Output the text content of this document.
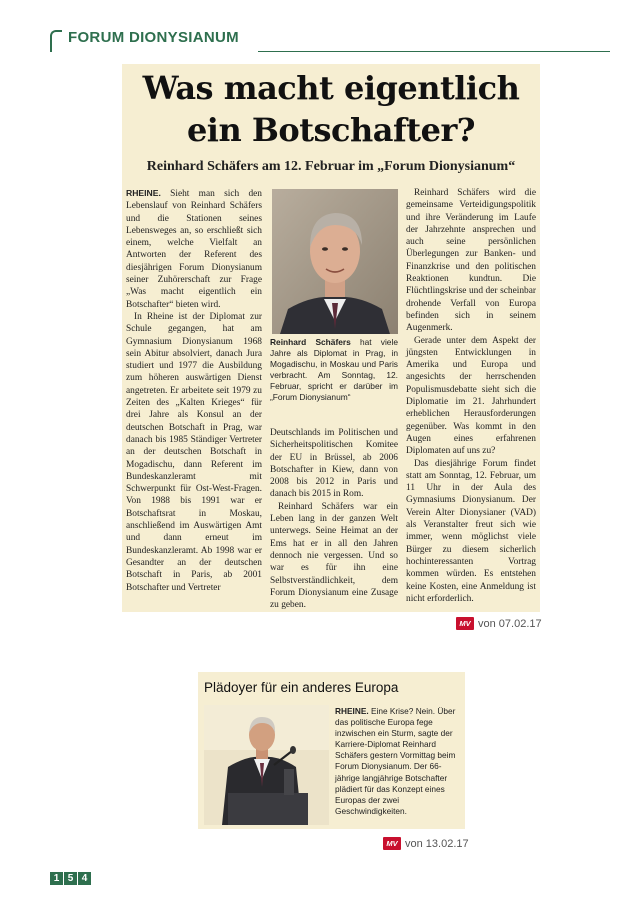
FORUM DIONYSIANUM
Was macht eigentlich
ein Botschafter?
Reinhard Schäfers am 12. Februar im „Forum Dionysianum“

RHEINE. Sieht man sich den Lebenslauf von Reinhard Schäfers und die Stationen seines Lebensweges an, so erschließt sich einem, welche Vielfalt an Antworten der Referent des diesjährigen Forum Dionysianum seiner Zuhörerschaft zur Frage „Was macht eigentlich ein Botschafter“ bieten wird.

In Rheine ist der Diplomat zur Schule gegangen, hat am Gymnasium Dionysianum 1968 sein Abitur absolviert, danach Jura studiert und 1977 die Ausbildung zum höheren auswärtigen Dienst angetreten. Er arbeitete seit 1979 zu Zeiten des „Kalten Krieges“ für drei Jahre als Konsul an der deutschen Botschaft in Prag, war danach bis 1985 Ständiger Vertreter an der deutschen Botschaft in Mogadischu, dann Referent im Bundeskanzleramt mit Schwerpunkt für Ost-West-Fragen. Von 1988 bis 1991 war er Botschaftsrat in Moskau, anschließend im Auswärtigen Amt und dann erneut im Bundeskanzleramt. Ab 1998 war er Gesandter an der deutschen Botschaft in Paris, ab 2001 Botschafter und Vertreter

Reinhard Schäfers hat viele Jahre als Diplomat in Prag, in Mogadischu, in Moskau und Paris verbracht. Am Sonntag, 12. Februar, spricht er darüber im „Forum Dionysianum“

Deutschlands im Politischen und Sicherheitspolitischen Komitee der EU in Brüssel, ab 2006 Botschafter in Kiew, dann von 2008 bis 2012 in Paris und danach bis 2015 in Rom.

Reinhard Schäfers war ein Leben lang in der ganzen Welt unterwegs. Seine Heimat an der Ems hat er in all den Jahren dennoch nie vergessen. Und so war es für ihn eine Selbstverständlichkeit, dem Forum Dionysianum eine Zusage zu geben.

Reinhard Schäfers wird die gemeinsame Verteidigungspolitik und ihre Veränderung im Laufe der Jahrzehnte ansprechen und auch seine persönlichen Überlegungen zur Banken- und Finanzkrise und den politischen Reaktionen kundtun. Die Flüchtlingskrise und der scheinbar drohende Verfall von Europa befinden sich in seinem Augenmerk.

Gerade unter dem Aspekt der jüngsten Entwicklungen in Amerika und Europa und angesichts der herrschenden Populismusdebatte sieht sich die Diplomatie im 21. Jahrhundert erheblichen Herausforderungen gegenüber. Was kommt in den Augen eines erfahrenen Diplomaten auf uns zu?

Das diesjährige Forum findet statt am Sonntag, 12. Februar, um 11 Uhr in der Aula des Gymnasiums Dionysianum. Der Verein Alter Dionysianer (VAD) als Veranstalter freut sich wie immer, wenn möglichst viele Bürger zu diesem sicherlich hochinteressanten Vortrag kommen würden. Es entstehen keine Kosten, eine Anmeldung ist nicht erforderlich.

MV von 07.02.17
Plädoyer für ein anderes Europa
RHEINE. Eine Krise? Nein. Über das politische Europa fege inzwischen ein Sturm, sagte der Karriere-Diplomat Reinhard Schäfers gestern Vormittag beim Forum Dionysianum. Der 66-jährige langjährige Botschafter plädiert für das Konzept eines Europas der zwei Geschwindigkeiten.
MV von 13.02.17
1 5 4
